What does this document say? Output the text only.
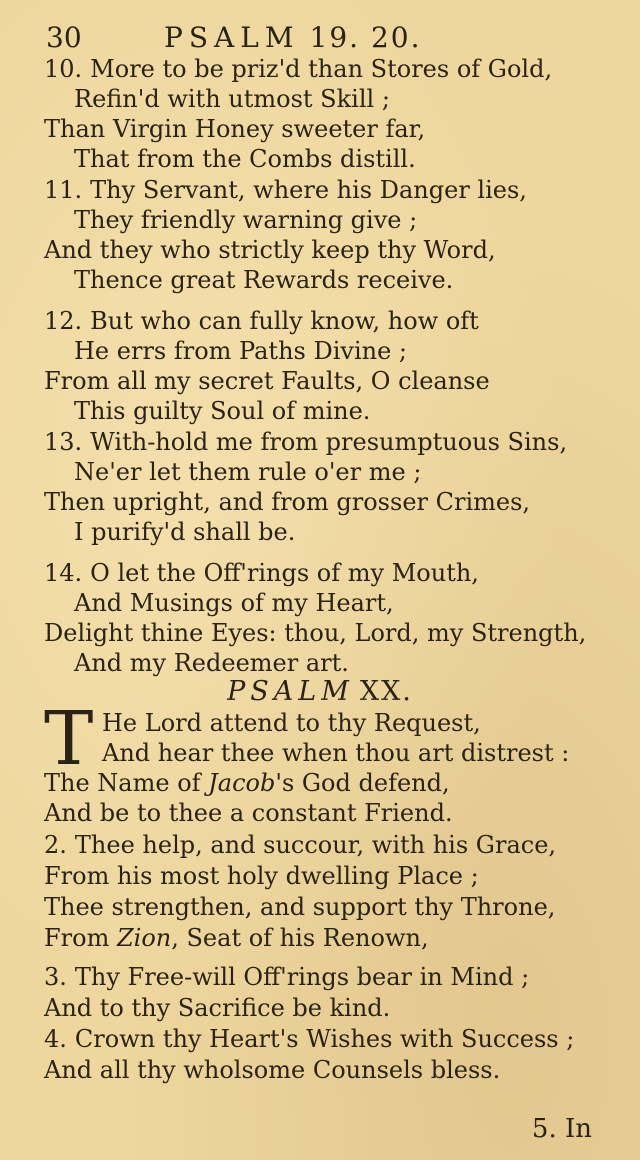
30	PSALM 19. 20.
10. More to be priz'd than Stores of Gold,
Refin'd with utmost Skill ;
Than Virgin Honey sweeter far,
That from the Combs distill.
11. Thy Servant, where his Danger lies,
They friendly warning give ;
And they who strictly keep thy Word,
Thence great Rewards receive.
12. But who can fully know, how oft
He errs from Paths Divine ;
From all my secret Faults, O cleanse
This guilty Soul of mine.
13. With-hold me from presumptuous Sins,
Ne'er let them rule o'er me ;
Then upright, and from grosser Crimes,
I purify'd shall be.
14. O let the Off'rings of my Mouth,
And Musings of my Heart,
Delight thine Eyes: thou, Lord, my Strength,
And my Redeemer art.
PSALM XX.
T He Lord attend to thy Request,
And hear thee when thou art distrest :
The Name of Jacob's God defend,
And be to thee a constant Friend.
2. Thee help, and succour, with his Grace,
From his most holy dwelling Place ;
Thee strengthen, and support thy Throne,
From Zion, Seat of his Renown,
3. Thy Free-will Off'rings bear in Mind ;
And to thy Sacrifice be kind.
4. Crown thy Heart's Wishes with Success ;
And all thy wholsome Counsels bless.
5. In
